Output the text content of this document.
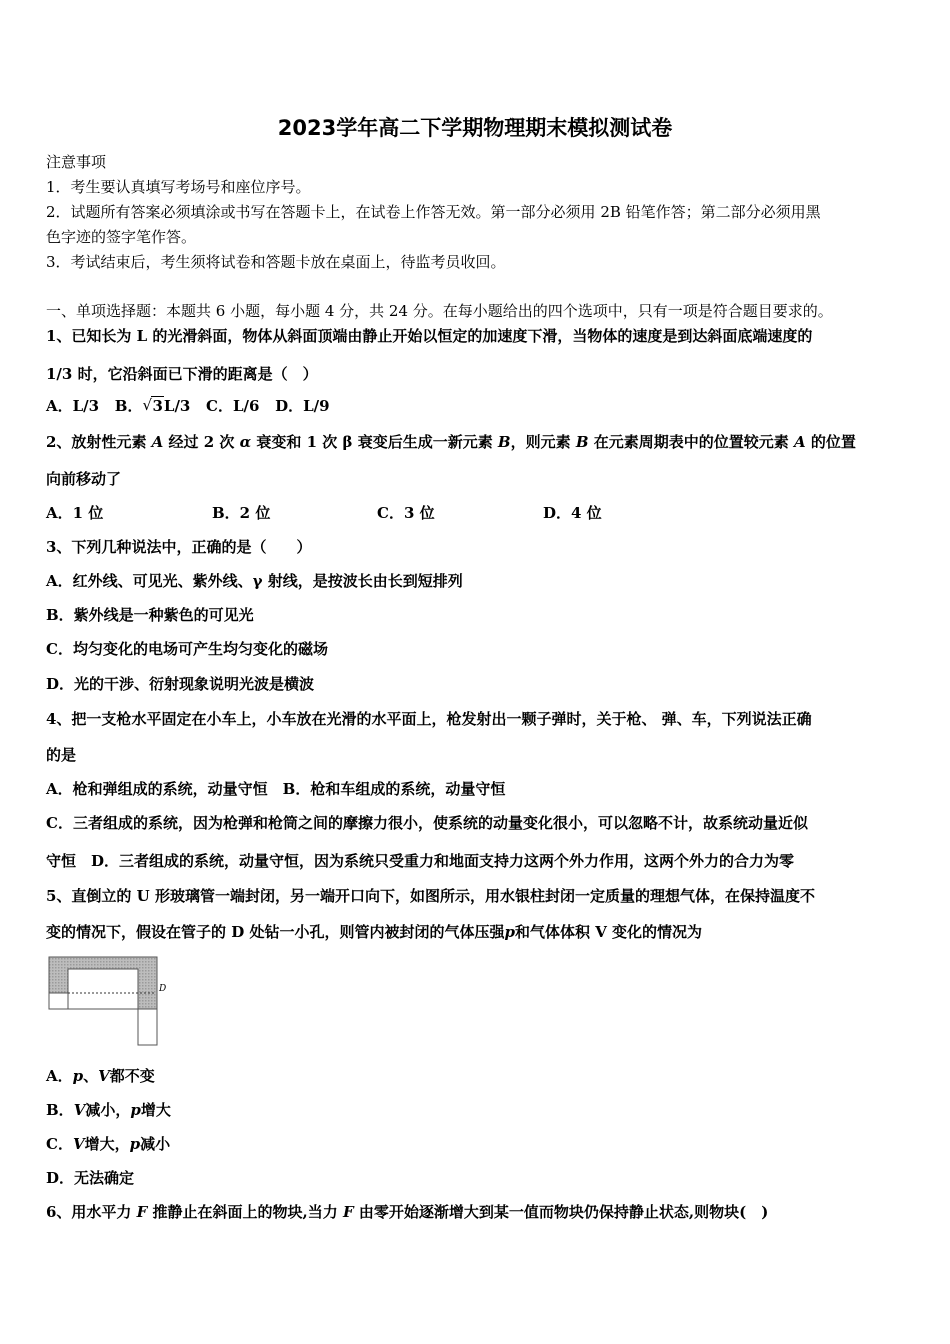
2023学年高二下学期物理期末模拟测试卷
注意事项
1．考生要认真填写考场号和座位序号。
2．试题所有答案必须填涂或书写在答题卡上，在试卷上作答无效。第一部分必须用 2B 铅笔作答；第二部分必须用黑
色字迹的签字笔作答。
3．考试结束后，考生须将试卷和答题卡放在桌面上，待监考员收回。
一、单项选择题：本题共 6 小题，每小题 4 分，共 24 分。在每小题给出的四个选项中，只有一项是符合题目要求的。
1、已知长为 L 的光滑斜面，物体从斜面顶端由静止开始以恒定的加速度下滑，当物体的速度是到达斜面底端速度的
1/3 时，它沿斜面已下滑的距离是（　）
A．L/3 B．√ 3L/3 C．L/6 D．L/9
2、放射性元素 A 经过 2 次 α 衰变和 1 次 β 衰变后生成一新元素 B，则元素 B 在元素周期表中的位置较元素 A 的位置
向前移动了
A．1 位	B．2 位	C．3 位	D．4 位
3、下列几种说法中，正确的是（　　）
A．红外线、可见光、紫外线、γ 射线，是按波长由长到短排列
B．紫外线是一种紫色的可见光
C．均匀变化的电场可产生均匀变化的磁场
D．光的干涉、衍射现象说明光波是横波
4、把一支枪水平固定在小车上，小车放在光滑的水平面上，枪发射出一颗子弹时，关于枪、 弹、车，下列说法正确
的是
A．枪和弹组成的系统，动量守恒　B．枪和车组成的系统，动量守恒
C．三者组成的系统，因为枪弹和枪筒之间的摩擦力很小，使系统的动量变化很小，可以忽略不计，故系统动量近似
守恒　D．三者组成的系统，动量守恒，因为系统只受重力和地面支持力这两个外力作用，这两个外力的合力为零
5、直倒立的 U 形玻璃管一端封闭，另一端开口向下，如图所示，用水银柱封闭一定质量的理想气体，在保持温度不
变的情况下，假设在管子的 D 处钻一小孔，则管内被封闭的气体压强p和气体体积 V 变化的情况为
D
A．p、V都不变
B．V减小，p增大
C．V增大，p减小
D．无法确定
6、用水平力 F 推静止在斜面上的物块,当力 F 由零开始逐渐增大到某一值而物块仍保持静止状态,则物块(　)
